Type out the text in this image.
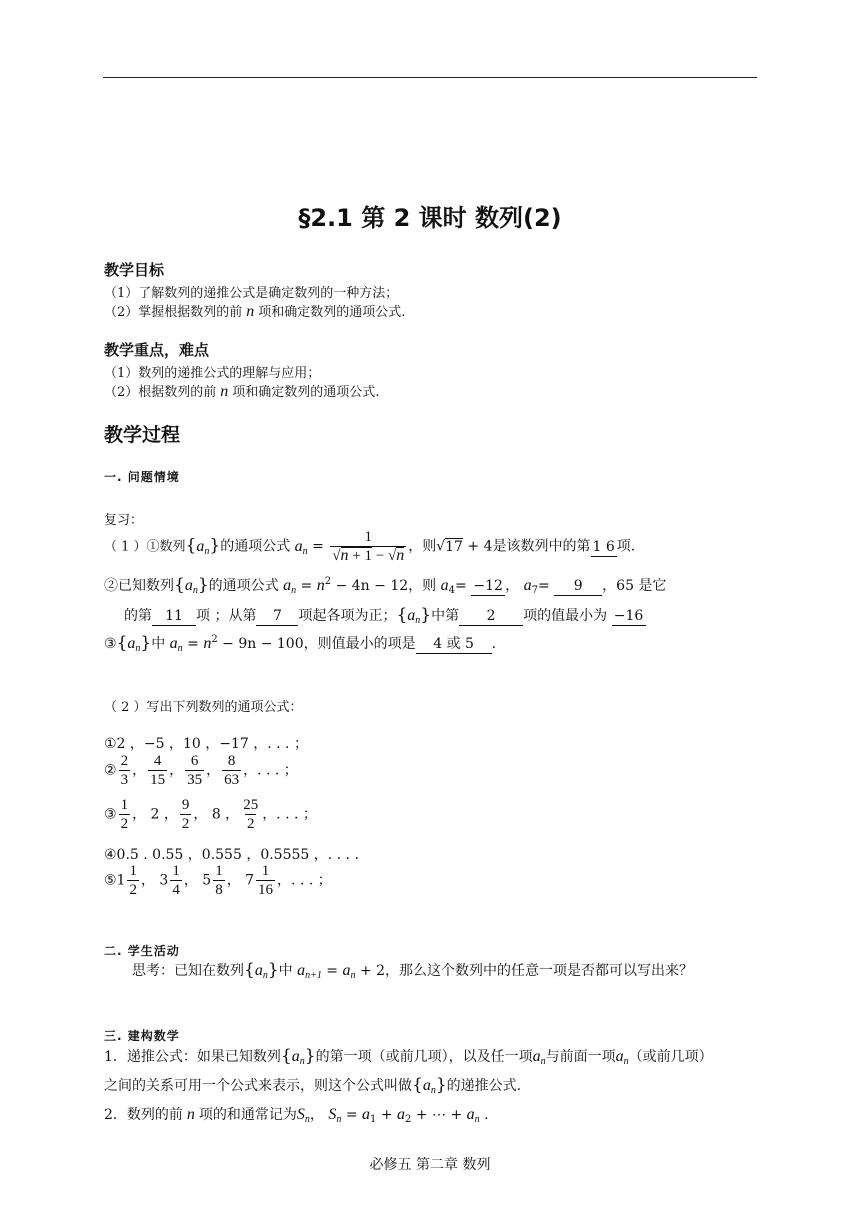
§2.1 第 2 课时 数列(2)
教学目标
（1）了解数列的递推公式是确定数列的一种方法；
（2）掌握根据数列的前 n 项和确定数列的通项公式.
教学重点，难点
（1）数列的递推公式的理解与应用；
（2）根据数列的前 n 项和确定数列的通项公式.
教学过程
一. 问题情境
复习：
（ 1 ）①数列$\{a_n\}$的通项公式 $a_n = \frac{1}{√n + 1 - √n}$ ，则√17 + 4是该数列中的第 1 6 项.
②已知数列$\{a_n\}$的通项公式 $a_n = n^2 - 4n - 12$，则 $a_4= -12$ ， $a_7= 9$ ，65 是它
的第 11 项 ；从第 7 项起各项为正；$\{a_n\}$中第 2 项的值最小为 −16
$③\{a_n\}$中 $a_n = n^2 - 9n - 100$，则值最小的项是 4 或 5 .
（ 2 ）写出下列数列的通项公式：
①2 ，−5 ，10 ，−17 ，. . . ；
② $\frac{2}{3}$ ， $\frac{4}{15}$ ， $\frac{6}{35}$ ， $\frac{8}{63}$ ，. . . ；
③ $\frac{1}{2}$ ， 2 ， $\frac{9}{2}$ ， 8 ， $\frac{25}{2}$ ，. . . ；
④0.5 . 0.55 ，0.555 ，0.5555 ，. . . .
⑤1 $\frac{1}{2}$ ， $3 \frac{1}{4}$ ， $5 \frac{1}{8}$ ， $7 \frac{1}{16}$ ，. . . ；
二. 学生活动
思考：已知在数列$\{a_n\}$中 $a_{n+1} = a_n + 2$，那么这个数列中的任意一项是否都可以写出来？
三. 建构数学
1．递推公式：如果已知数列$\{a_n\}$的第一项（或前几项），以及任一项$a_n$与前面一项$a_n$（或前几项）
之间的关系可用一个公式来表示，则这个公式叫做$\{a_n\}$的递推公式.
2．数列的前 n 项的和通常记为$S_n$， $S_n = a_1 + a_2$ + ⋯ + $a_n$ .
必修五 第二章 数列
